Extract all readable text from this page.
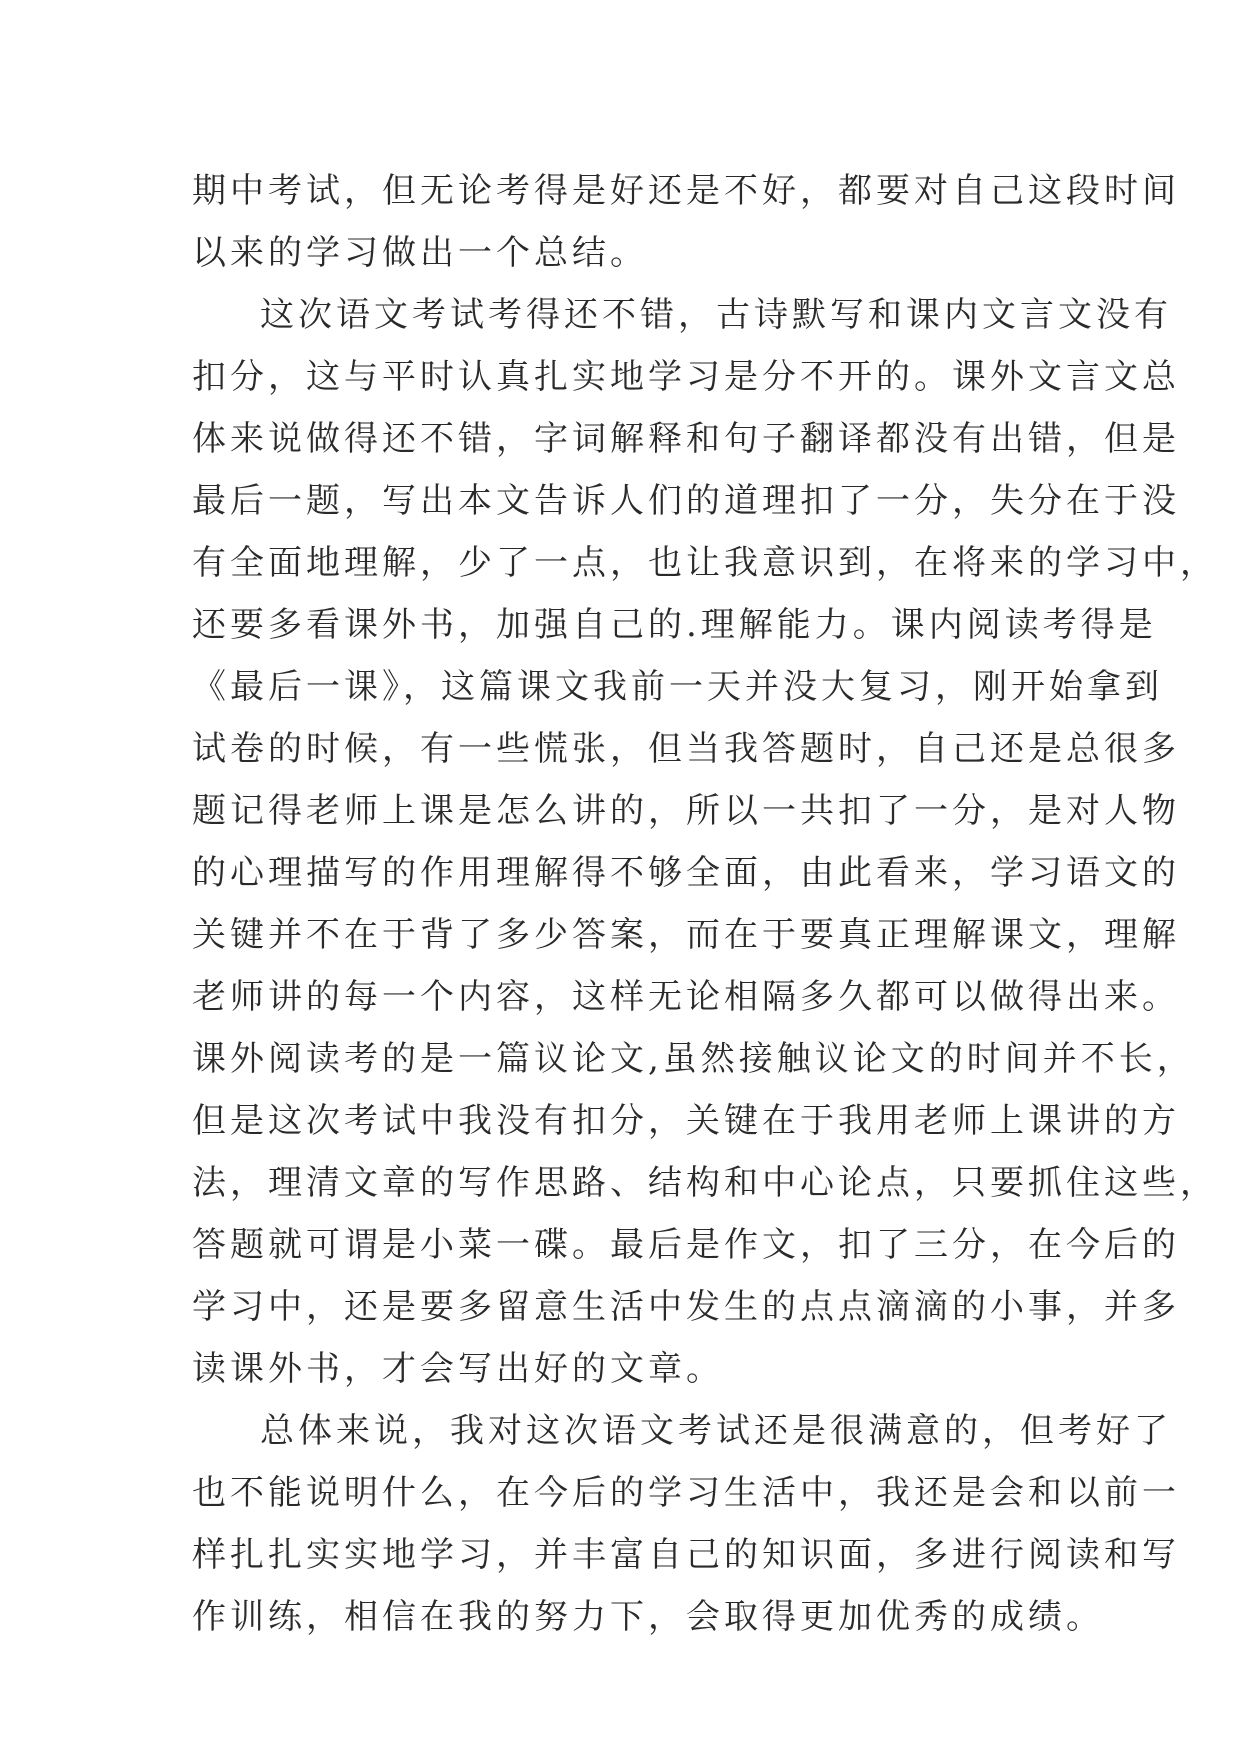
期中考试，但无论考得是好还是不好，都要对自己这段时间
以来的学习做出一个总结。
这次语文考试考得还不错，古诗默写和课内文言文没有
扣分，这与平时认真扎实地学习是分不开的。课外文言文总
体来说做得还不错，字词解释和句子翻译都没有出错，但是
最后一题，写出本文告诉人们的道理扣了一分，失分在于没
有全面地理解，少了一点，也让我意识到，在将来的学习中，
还要多看课外书，加强自己的.理解能力。课内阅读考得是
《最后一课》，这篇课文我前一天并没大复习，刚开始拿到
试卷的时候，有一些慌张，但当我答题时，自己还是总很多
题记得老师上课是怎么讲的，所以一共扣了一分，是对人物
的心理描写的作用理解得不够全面，由此看来，学习语文的
关键并不在于背了多少答案，而在于要真正理解课文，理解
老师讲的每一个内容，这样无论相隔多久都可以做得出来。
课外阅读考的是一篇议论文,虽然接触议论文的时间并不长，
但是这次考试中我没有扣分，关键在于我用老师上课讲的方
法，理清文章的写作思路、结构和中心论点，只要抓住这些，
答题就可谓是小菜一碟。最后是作文，扣了三分，在今后的
学习中，还是要多留意生活中发生的点点滴滴的小事，并多
读课外书，才会写出好的文章。
总体来说，我对这次语文考试还是很满意的，但考好了
也不能说明什么，在今后的学习生活中，我还是会和以前一
样扎扎实实地学习，并丰富自己的知识面，多进行阅读和写
作训练，相信在我的努力下，会取得更加优秀的成绩。
